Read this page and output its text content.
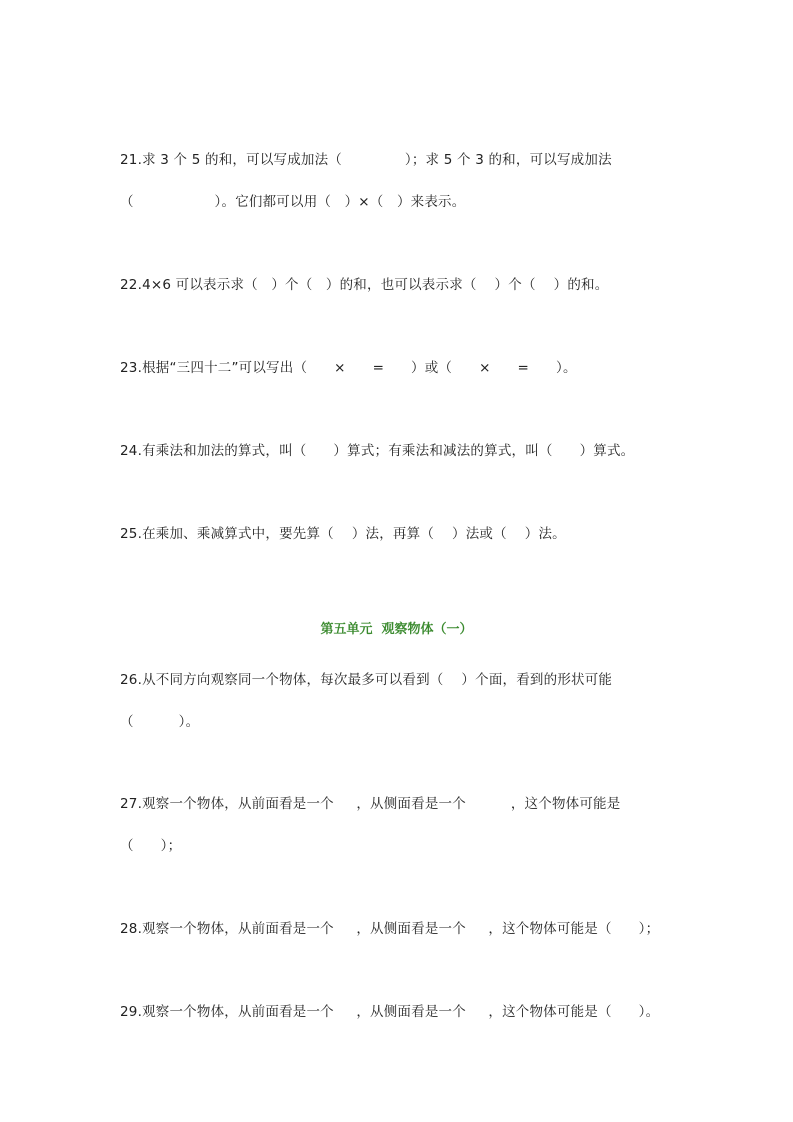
21.求 3 个 5 的和，可以写成加法（              ）；求 5 个 3 的和，可以写成加法
（                  ）。它们都可以用（   ）×（   ）来表示。
22.4×6 可以表示求（   ）个（   ）的和，也可以表示求（    ）个（    ）的和。
23.根据“三四十二”可以写出（      ×      =      ）或（      ×      =      ）。
24.有乘法和加法的算式，叫（      ）算式；有乘法和减法的算式，叫（      ）算式。
25.在乘加、乘减算式中，要先算（    ）法，再算（    ）法或（    ）法。
第五单元  观察物体（一）
26.从不同方向观察同一个物体，每次最多可以看到（    ）个面，看到的形状可能
（          ）。
27.观察一个物体，从前面看是一个     ，从侧面看是一个          ，这个物体可能是
（      ）；
28.观察一个物体，从前面看是一个     ，从侧面看是一个     ，这个物体可能是（      ）；
29.观察一个物体，从前面看是一个     ，从侧面看是一个     ，这个物体可能是（      ）。
